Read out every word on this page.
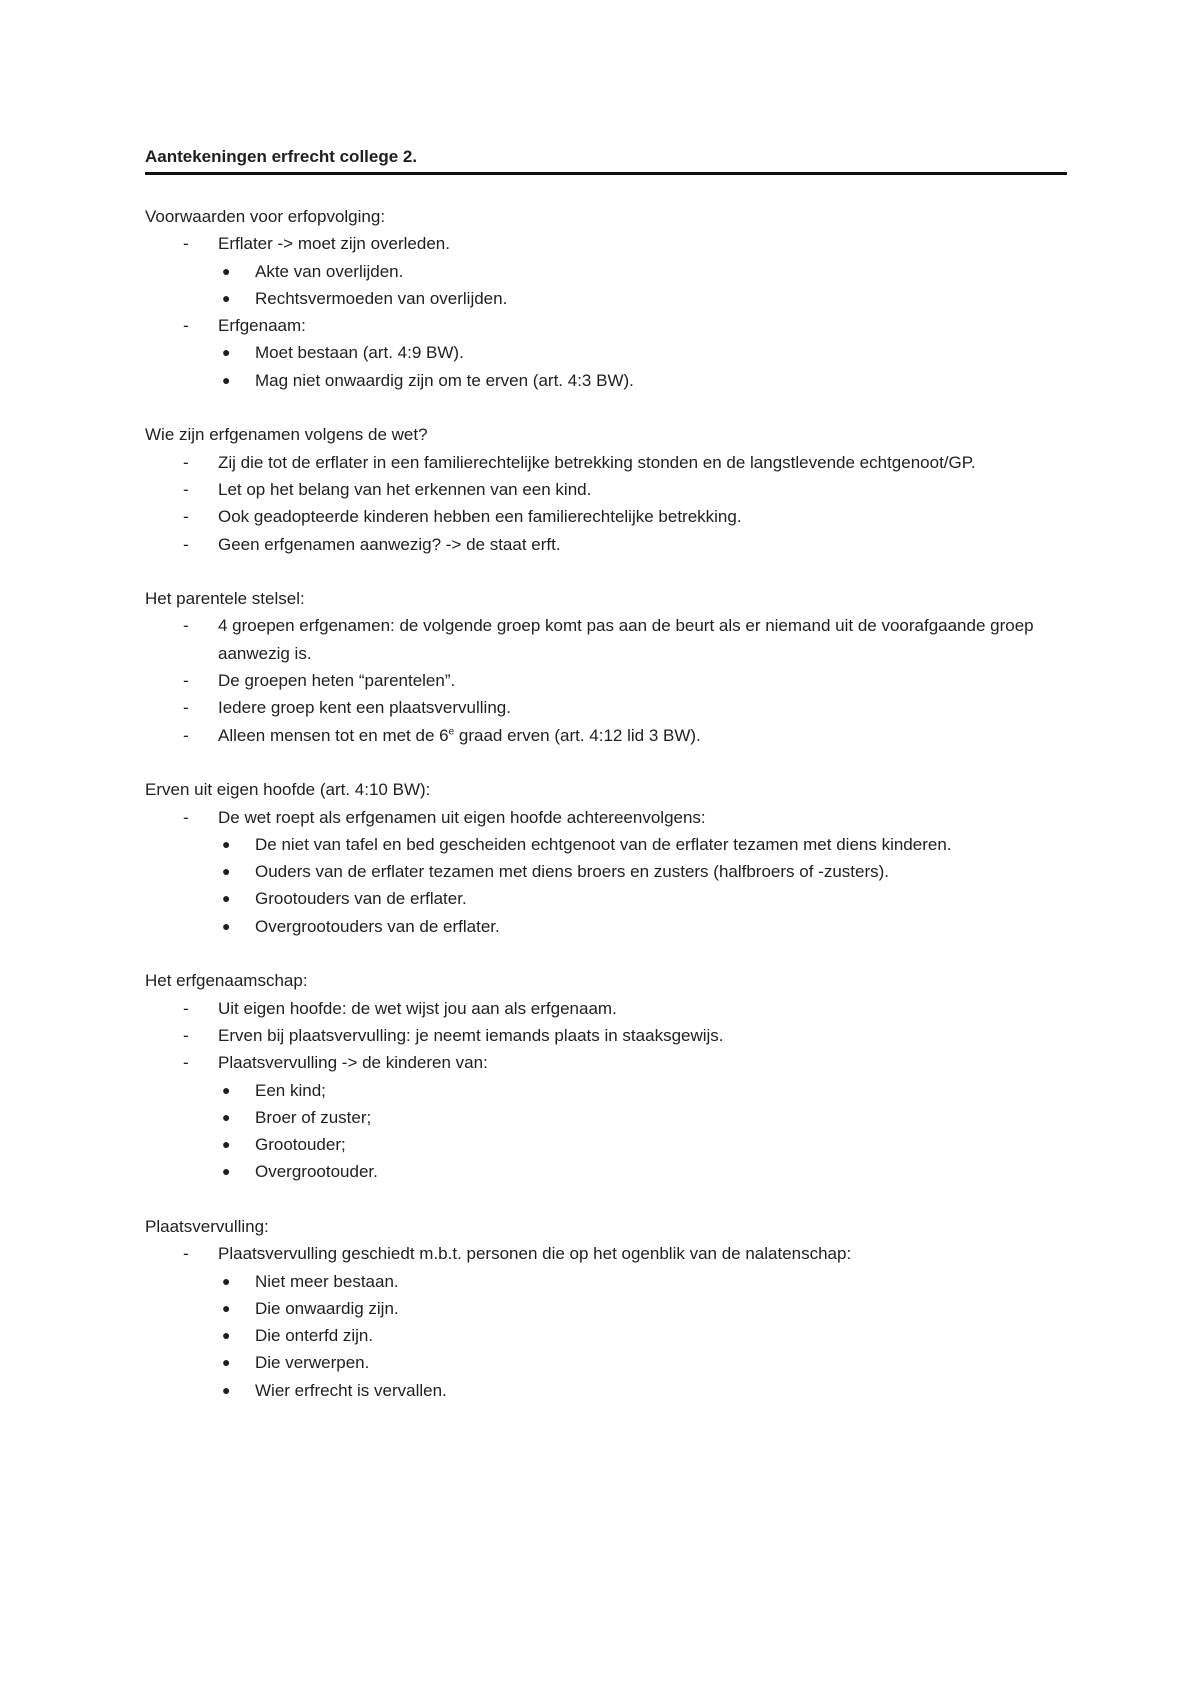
Aantekeningen erfrecht college 2.
Voorwaarden voor erfopvolging:
- Erflater -> moet zijn overleden.
● Akte van overlijden.
● Rechtsvermoeden van overlijden.
- Erfgenaam:
● Moet bestaan (art. 4:9 BW).
● Mag niet onwaardig zijn om te erven (art. 4:3 BW).
Wie zijn erfgenamen volgens de wet?
- Zij die tot de erflater in een familierechtelijke betrekking stonden en de langstlevende echtgenoot/GP.
- Let op het belang van het erkennen van een kind.
- Ook geadopteerde kinderen hebben een familierechtelijke betrekking.
- Geen erfgenamen aanwezig? -> de staat erft.
Het parentele stelsel:
- 4 groepen erfgenamen: de volgende groep komt pas aan de beurt als er niemand uit de voorafgaande groep aanwezig is.
- De groepen heten “parentelen”.
- Iedere groep kent een plaatsvervulling.
- Alleen mensen tot en met de 6e graad erven (art. 4:12 lid 3 BW).
Erven uit eigen hoofde (art. 4:10 BW):
- De wet roept als erfgenamen uit eigen hoofde achtereenvolgens:
● De niet van tafel en bed gescheiden echtgenoot van de erflater tezamen met diens kinderen.
● Ouders van de erflater tezamen met diens broers en zusters (halfbroers of -zusters).
● Grootouders van de erflater.
● Overgrootouders van de erflater.
Het erfgenaamschap:
- Uit eigen hoofde: de wet wijst jou aan als erfgenaam.
- Erven bij plaatsvervulling: je neemt iemands plaats in staaksgewijs.
- Plaatsvervulling -> de kinderen van:
● Een kind;
● Broer of zuster;
● Grootouder;
● Overgrootouder.
Plaatsvervulling:
- Plaatsvervulling geschiedt m.b.t. personen die op het ogenblik van de nalatenschap:
● Niet meer bestaan.
● Die onwaardig zijn.
● Die onterfd zijn.
● Die verwerpen.
● Wier erfrecht is vervallen.
